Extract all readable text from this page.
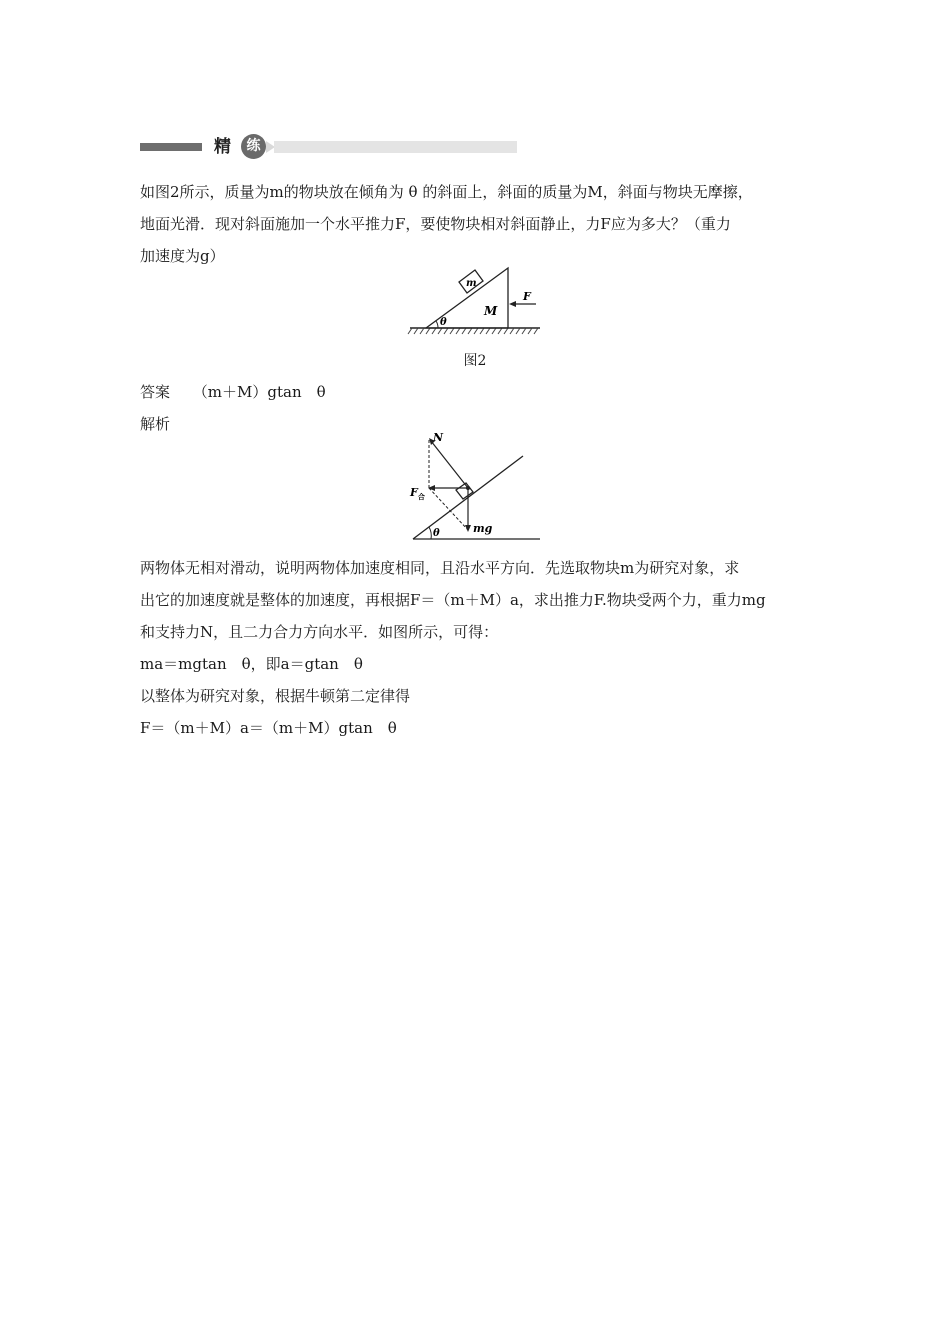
精	练
如图2所示，质量为m的物块放在倾角为 θ 的斜面上，斜面的质量为M，斜面与物块无摩擦，
地面光滑．现对斜面施加一个水平推力F，要使物块相对斜面静止，力F应为多大？（重力
加速度为g）
m
M
θ
F
图2
答案 （m＋M）gtan　θ
解析
θ
N
mg
$F_合$
两物体无相对滑动，说明两物体加速度相同，且沿水平方向．先选取物块m为研究对象，求
出它的加速度就是整体的加速度，再根据F＝（m＋M）a，求出推力F.物块受两个力，重力mg
和支持力N，且二力合力方向水平．如图所示，可得：
ma＝mgtan　θ，即a＝gtan　θ
以整体为研究对象，根据牛顿第二定律得
F＝（m＋M）a＝（m＋M）gtan　θ
